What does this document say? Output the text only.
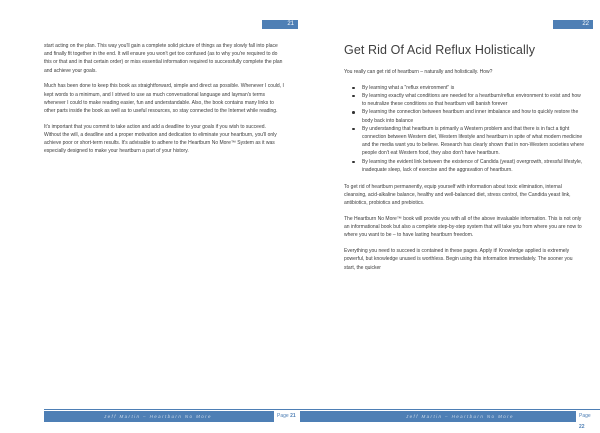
21

start acting on the plan. This way you'll gain a complete solid picture of things as they slowly fall into place and finally fit together in the end. It will ensure you won't get too confused (as to why you're required to do this or that and in that certain order) or miss essential information required to successfully complete the plan and achieve your goals.

Much has been done to keep this book as straightforward, simple and direct as possible. Whenever I could, I kept words to a minimum, and I strived to use as much conversational language and layman's terms whenever I could to make reading easier, fun and understandable. Also, the book contains many links to other parts inside the book as well as to useful resources, so stay connected to the Internet while reading.

It's important that you commit to take action and add a deadline to your goals if you wish to succeed. Without the will, a deadline and a proper motivation and dedication to eliminate your heartburn, you'll only achieve poor or short-term results. It's advisable to adhere to the Heartburn No More™ System as it was especially designed to make your heartburn a part of your history.

Jeff Martin – Heartburn No More	Page 21
22
Get Rid Of Acid Reflux Holistically

You really can get rid of heartburn – naturally and holistically. How?

By learning what a "reflux environment" is
By learning exactly what conditions are needed for a heartburn/reflux environment to exist and how to neutralize these conditions so that heartburn will banish forever
By learning the connection between heartburn and inner imbalance and how to quickly restore the body back into balance
By understanding that heartburn is primarily a Western problem and that there is in fact a tight connection between Western diet, Western lifestyle and heartburn in spite of what modern medicine and the media want you to believe. Research has clearly shown that in non-Western societies where people don't eat Western food, they also don't have heartburn.
By learning the evident link between the existence of Candida (yeast) overgrowth, stressful lifestyle, inadequate sleep, lack of exercise and the aggravation of heartburn.

To get rid of heartburn permanently, equip yourself with information about toxic elimination, internal cleansing, acid-alkaline balance, healthy and well-balanced diet, stress control, the Candida yeast link, antibiotics, probiotics and prebiotics.

The Heartburn No More™ book will provide you with all of the above invaluable information. This is not only an informational book but also a complete step-by-step system that will take you from where you are now to where you want to be – to have lasting heartburn freedom.

Everything you need to succeed is contained in these pages. Apply it! Knowledge applied is extremely powerful, but knowledge unused is worthless. Begin using this information immediately. The sooner you start, the quicker

Jeff Martin – Heartburn No More	Page 22
